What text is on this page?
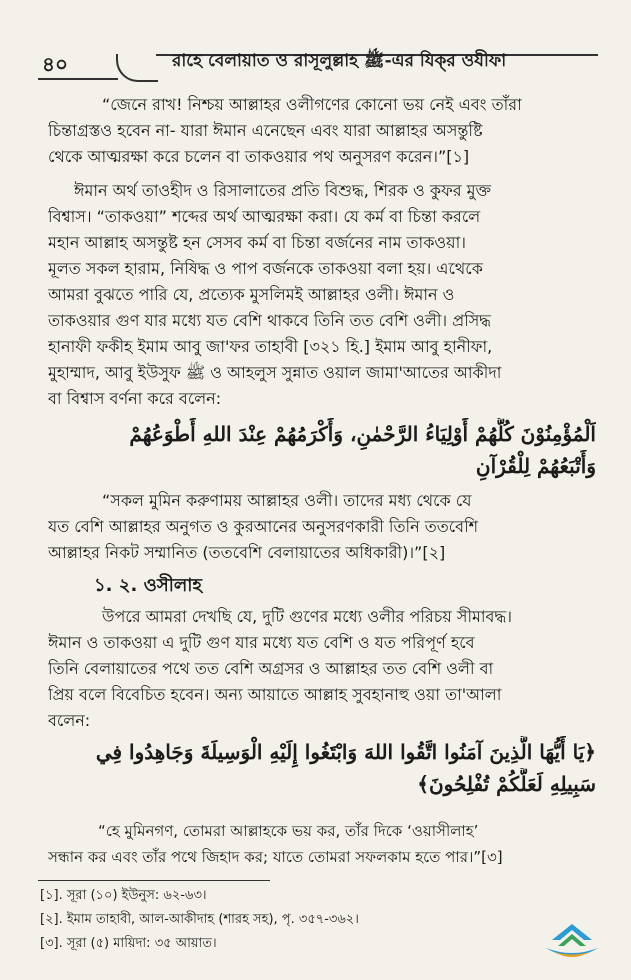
৪০	রাহে বেলায়াত ও রাসূলুল্লাহ ﷺ-এর যিক্‌র ওযীফা

“জেনে রাখ! নিশ্চয় আল্লাহর ওলীগণের কোনো ভয় নেই এবং তাঁরা
চিন্তাগ্রস্তও হবেন না- যারা ঈমান এনেছেন এবং যারা আল্লাহর অসন্তুষ্টি
থেকে আত্মরক্ষা করে চলেন বা তাকওয়ার পথ অনুসরণ করেন।”[১]

ঈমান অর্থ তাওহীদ ও রিসালাতের প্রতি বিশুদ্ধ, শিরক ও কুফর মুক্ত
বিশ্বাস। “তাকওয়া” শব্দের অর্থ আত্মরক্ষা করা। যে কর্ম বা চিন্তা করলে
মহান আল্লাহ অসন্তুষ্ট হন সেসব কর্ম বা চিন্তা বর্জনের নাম তাকওয়া।
মূলত সকল হারাম, নিষিদ্ধ ও পাপ বর্জনকে তাকওয়া বলা হয়। এথেকে
আমরা বুঝতে পারি যে, প্রত্যেক মুসলিমই আল্লাহর ওলী। ঈমান ও
তাকওয়ার গুণ যার মধ্যে যত বেশি থাকবে তিনি তত বেশি ওলী। প্রসিদ্ধ
হানাফী ফকীহ ইমাম আবু জা'ফর তাহাবী [৩২১ হি.] ইমাম আবু হানীফা,
মুহাম্মাদ, আবু ইউসুফ ﷺ ও আহলুস সুন্নাত ওয়াল জামা'আতের আকীদা
বা বিশ্বাস বর্ণনা করে বলেন:

اَلْمُؤْمِنُوْنَ كُلُّهُمْ أَوْلِيَاءُ الرَّحْمٰنِ، وَأَكْرَمُهُمْ عِنْدَ اللهِ أَطْوَعُهُمْ
وَأَتْبَعُهُمْ لِلْقُرْآنِ

“সকল মুমিন করুণাময় আল্লাহর ওলী। তাদের মধ্য থেকে যে
যত বেশি আল্লাহর অনুগত ও কুরআনের অনুসরণকারী তিনি ততবেশি
আল্লাহর নিকট সম্মানিত (ততবেশি বেলায়াতের অধিকারী)।”[২]

১. ২. ওসীলাহ

উপরে আমরা দেখছি যে, দুটি গুণের মধ্যে ওলীর পরিচয় সীমাবদ্ধ।
ঈমান ও তাকওয়া এ দুটি গুণ যার মধ্যে যত বেশি ও যত পরিপূর্ণ হবে
তিনি বেলায়াতের পথে তত বেশি অগ্রসর ও আল্লাহর তত বেশি ওলী বা
প্রিয় বলে বিবেচিত হবেন। অন্য আয়াতে আল্লাহ সুবহানাহু ওয়া তা'আলা
বলেন:

﴿يَا أَيُّهَا الَّذِينَ آمَنُوا اتَّقُوا اللهَ وَابْتَغُوا إِلَيْهِ الْوَسِيلَةَ وَجَاهِدُوا فِي
سَبِيلِهِ لَعَلَّكُمْ تُفْلِحُونَ﴾

“হে মুমিনগণ, তোমরা আল্লাহকে ভয় কর, তাঁর দিকে ‘ওয়াসীলাহ’
সন্ধান কর এবং তাঁর পথে জিহাদ কর; যাতে তোমরা সফলকাম হতে পার।”[৩]

[১]. সূরা (১০) ইউনুস: ৬২-৬৩।
[২]. ইমাম তাহাবী, আল-আকীদাহ (শারহ সহ), পৃ. ৩৫৭-৩৬২।
[৩]. সূরা (৫) মায়িদা: ৩৫ আয়াত।
